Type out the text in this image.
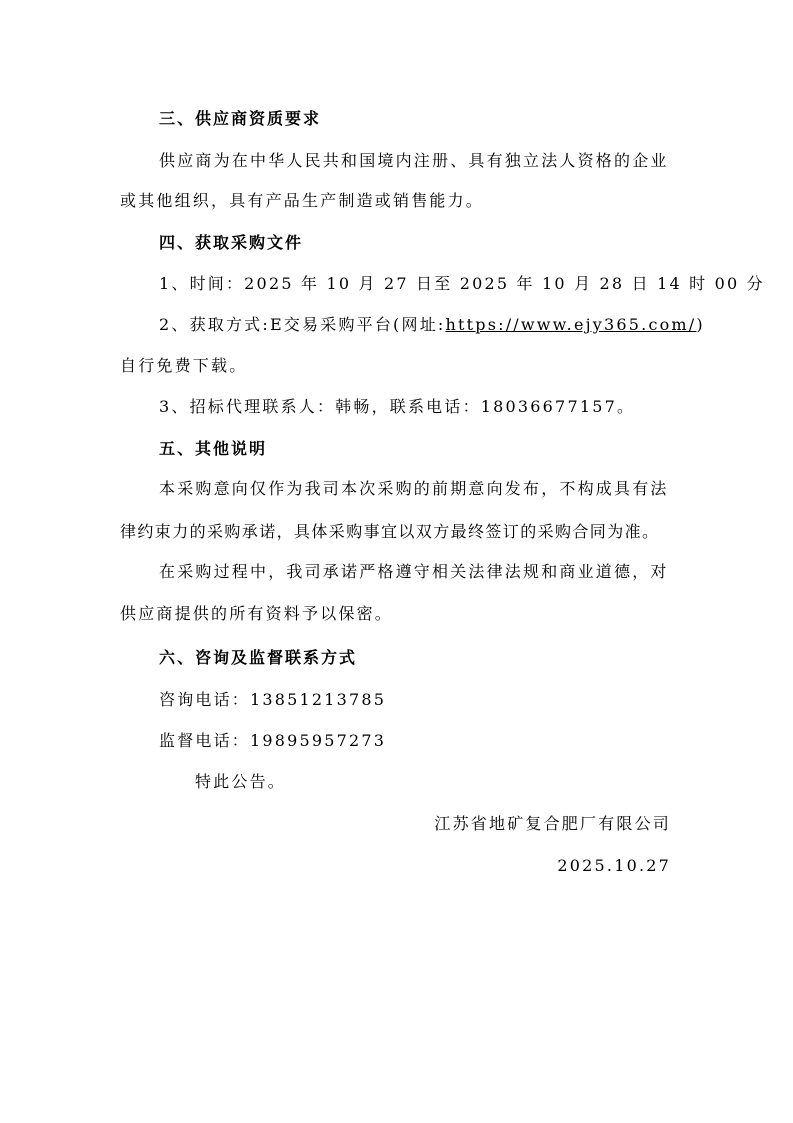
三、供应商资质要求
供应商为在中华人民共和国境内注册、具有独立法人资格的企业
或其他组织，具有产品生产制造或销售能力。
四、获取采购文件
1、时间：2025 年 10 月 27 日至 2025 年 10 月 28 日 14 时 00 分
2、获取方式:E交易采购平台(网址:https://www.ejy365.com/)
自行免费下载。
3、招标代理联系人：韩畅，联系电话：18036677157。
五、其他说明
本采购意向仅作为我司本次采购的前期意向发布，不构成具有法
律约束力的采购承诺，具体采购事宜以双方最终签订的采购合同为准。
在采购过程中，我司承诺严格遵守相关法律法规和商业道德，对
供应商提供的所有资料予以保密。
六、咨询及监督联系方式
咨询电话：13851213785
监督电话：19895957273
特此公告。
江苏省地矿复合肥厂有限公司
2025.10.27
